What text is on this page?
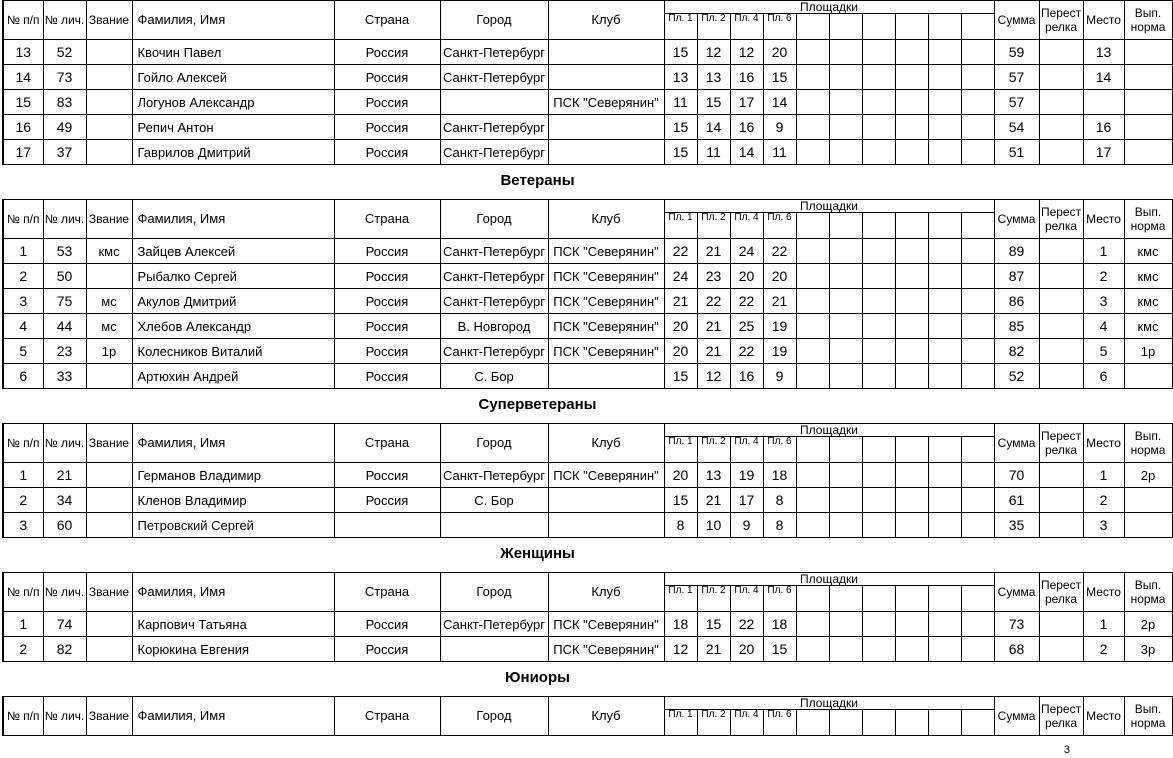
№ п/п	№ лич.	Звание	Фамилия, Имя	Страна	Город	Клуб	Площадки										Сумма	Перестрелка	Место	Вып. норма
							Пл. 1	Пл. 2	Пл. 4	Пл. 6										
13	52		Квочин Павел	Россия	Санкт-Петербург		15	12	12	20							59		13	
14	73		Гойло Алексей	Россия	Санкт-Петербург		13	13	16	15							57		14	
15	83		Логунов Александр	Россия		ПСК "Северянин"	11	15	17	14							57			
16	49		Репич Антон	Россия	Санкт-Петербург		15	14	16	9							54		16	
17	37		Гаврилов Дмитрий	Россия	Санкт-Петербург		15	11	14	11							51		17	
Ветераны
№ п/п	№ лич.	Звание	Фамилия, Имя	Страна	Город	Клуб	Площадки										Сумма	Перестрелка	Место	Вып. норма
							Пл. 1	Пл. 2	Пл. 4	Пл. 6										
1	53	кмс	Зайцев Алексей	Россия	Санкт-Петербург	ПСК "Северянин"	22	21	24	22							89		1	кмс
2	50		Рыбалко Сергей	Россия	Санкт-Петербург	ПСК "Северянин"	24	23	20	20							87		2	кмс
3	75	мс	Акулов Дмитрий	Россия	Санкт-Петербург	ПСК "Северянин"	21	22	22	21							86		3	кмс
4	44	мс	Хлебов Александр	Россия	В. Новгород	ПСК "Северянин"	20	21	25	19							85		4	кмс
5	23	1р	Колесников Виталий	Россия	Санкт-Петербург	ПСК "Северянин"	20	21	22	19							82		5	1р
6	33		Артюхин Андрей	Россия	С. Бор		15	12	16	9							52		6	
Суперветераны
№ п/п	№ лич.	Звание	Фамилия, Имя	Страна	Город	Клуб	Площадки										Сумма	Перестрелка	Место	Вып. норма
							Пл. 1	Пл. 2	Пл. 4	Пл. 6										
1	21		Германов Владимир	Россия	Санкт-Петербург	ПСК "Северянин"	20	13	19	18							70		1	2р
2	34		Кленов Владимир	Россия	С. Бор		15	21	17	8							61		2	
3	60		Петровский Сергей				8	10	9	8							35		3	
Женщины
№ п/п	№ лич.	Звание	Фамилия, Имя	Страна	Город	Клуб	Площадки										Сумма	Перестрелка	Место	Вып. норма
							Пл. 1	Пл. 2	Пл. 4	Пл. 6										
1	74		Карпович Татьяна	Россия	Санкт-Петербург	ПСК "Северянин"	18	15	22	18							73		1	2р
2	82		Корюкина Евгения	Россия		ПСК "Северянин"	12	21	20	15							68		2	3р
Юниоры
№ п/п	№ лич.	Звание	Фамилия, Имя	Страна	Город	Клуб	Площадки										Сумма	Перестрелка	Место	Вып. норма
							Пл. 1	Пл. 2	Пл. 4	Пл. 6										
3
